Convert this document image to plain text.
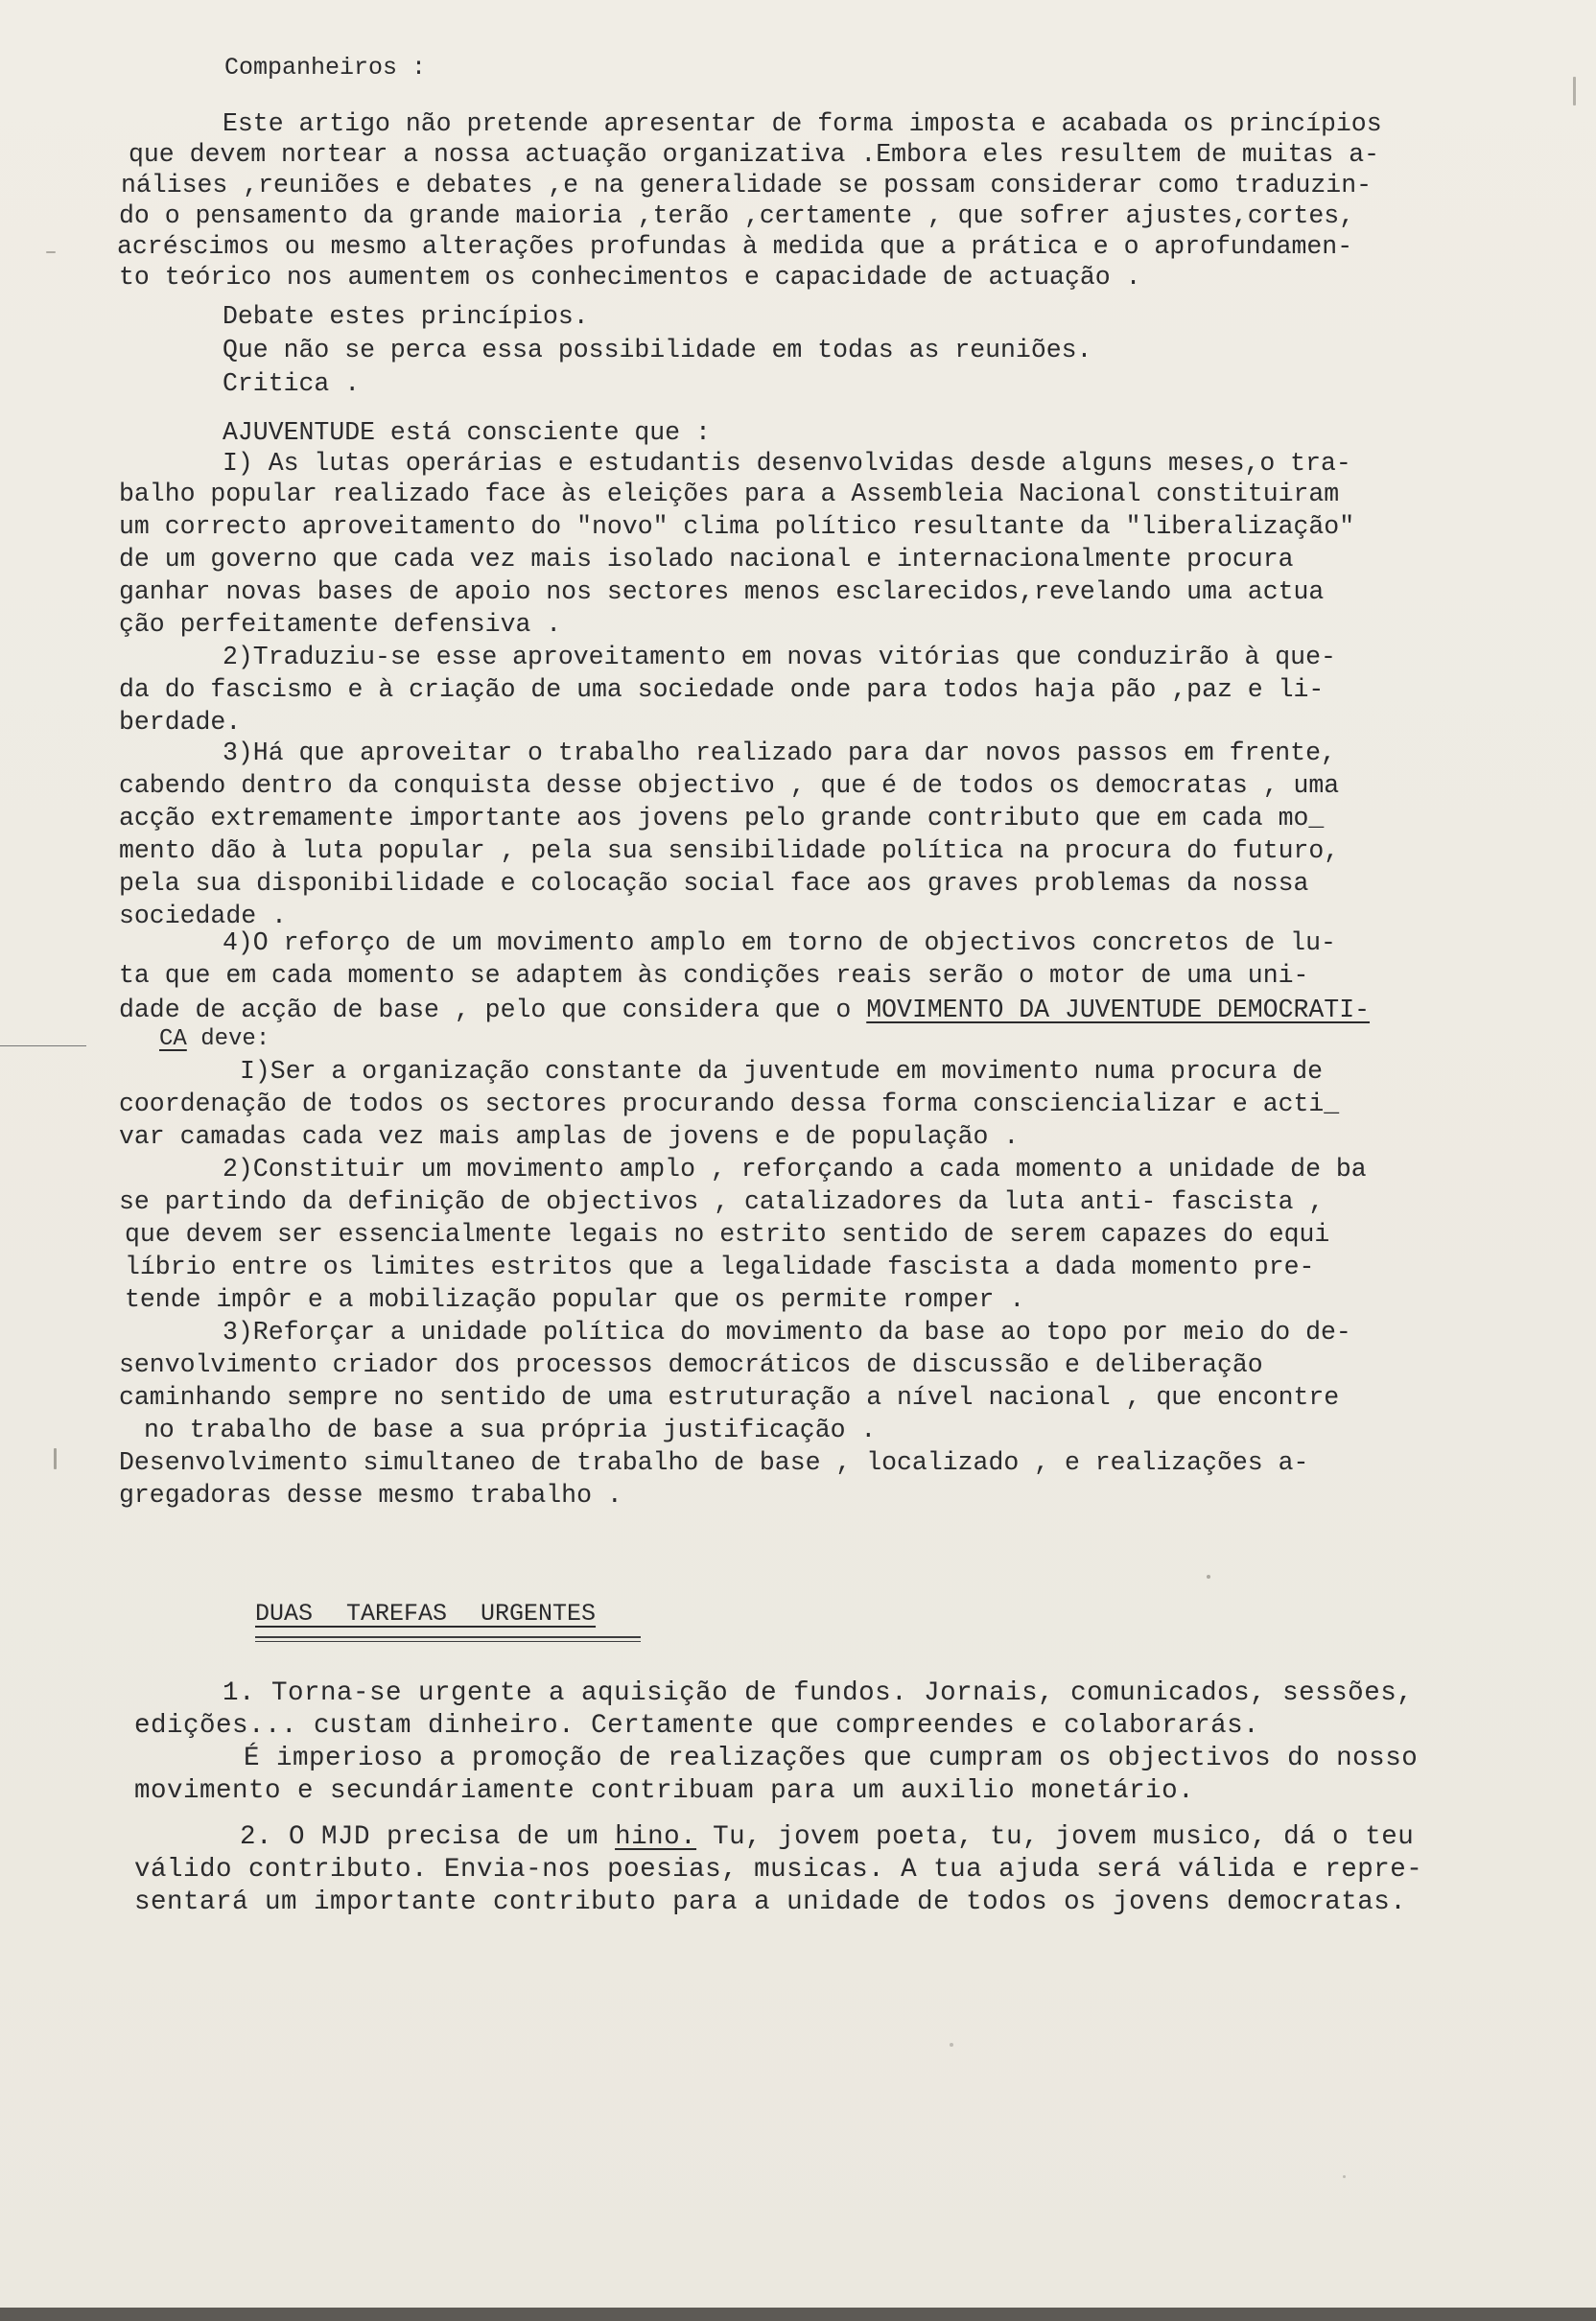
Companheiros :
Este artigo não pretende apresentar de forma imposta e acabada os princípios
que devem nortear a nossa actuação organizativa .Embora eles resultem de muitas a-
nálises ,reuniões e debates ,e na generalidade se possam considerar como traduzin-
do o pensamento da grande maioria ,terão ,certamente , que sofrer ajustes,cortes,
acréscimos ou mesmo alterações profundas à medida que a prática e o aprofundamen-
to teórico nos aumentem os conhecimentos e capacidade de actuação .
Debate estes princípios.
Que não se perca essa possibilidade em todas as reuniões.
Critica .
AJUVENTUDE está consciente que :
I) As lutas operárias e estudantis desenvolvidas desde alguns meses,o tra-
balho popular realizado face às eleições para a Assembleia Nacional constituiram
um correcto aproveitamento do "novo" clima político resultante da "liberalização"
de um governo que cada vez mais isolado nacional e internacionalmente procura
ganhar novas bases de apoio nos sectores menos esclarecidos,revelando uma actua
ção perfeitamente defensiva .
2)Traduziu-se esse aproveitamento em novas vitórias que conduzirão à que-
da do fascismo e à criação de uma sociedade onde para todos haja pão ,paz e li-
berdade.
3)Há que aproveitar o trabalho realizado para dar novos passos em frente,
cabendo dentro da conquista desse objectivo , que é de todos os democratas , uma
acção extremamente importante aos jovens pelo grande contributo que em cada mo_
mento dão à luta popular , pela sua sensibilidade política na procura do futuro,
pela sua disponibilidade e colocação social face aos graves problemas da nossa
sociedade .
4)O reforço de um movimento amplo em torno de objectivos concretos de lu-
ta que em cada momento se adaptem às condições reais serão o motor de uma uni-
dade de acção de base , pelo que considera que o MOVIMENTO DA JUVENTUDE DEMOCRATI-
CA deve:
I)Ser a organização constante da juventude em movimento numa procura de
coordenação de todos os sectores procurando dessa forma consciencializar e acti_
var camadas cada vez mais amplas de jovens e de população .
2)Constituir um movimento amplo , reforçando a cada momento a unidade de ba
se partindo da definição de objectivos , catalizadores da luta anti- fascista ,
que devem ser essencialmente legais no estrito sentido de serem capazes do equi
líbrio entre os limites estritos que a legalidade fascista a dada momento pre-
tende impôr e a mobilização popular que os permite romper .
3)Reforçar a unidade política do movimento da base ao topo por meio do de-
senvolvimento criador dos processos democráticos de discussão e deliberação
caminhando sempre no sentido de uma estruturação a nível nacional , que encontre
no trabalho de base a sua própria justificação .
Desenvolvimento simultaneo de trabalho de base , localizado , e realizações a-
gregadoras desse mesmo trabalho .
DUAS TAREFAS URGENTES
1. Torna-se urgente a aquisição de fundos. Jornais, comunicados, sessões,
edições... custam dinheiro. Certamente que compreendes e colaborarás.
É imperioso a promoção de realizações que cumpram os objectivos do nosso
movimento e secundáriamente contribuam para um auxilio monetário.
2. O MJD precisa de um hino. Tu, jovem poeta, tu, jovem musico, dá o teu
válido contributo. Envia-nos poesias, musicas. A tua ajuda será válida e repre-
sentará um importante contributo para a unidade de todos os jovens democratas.
